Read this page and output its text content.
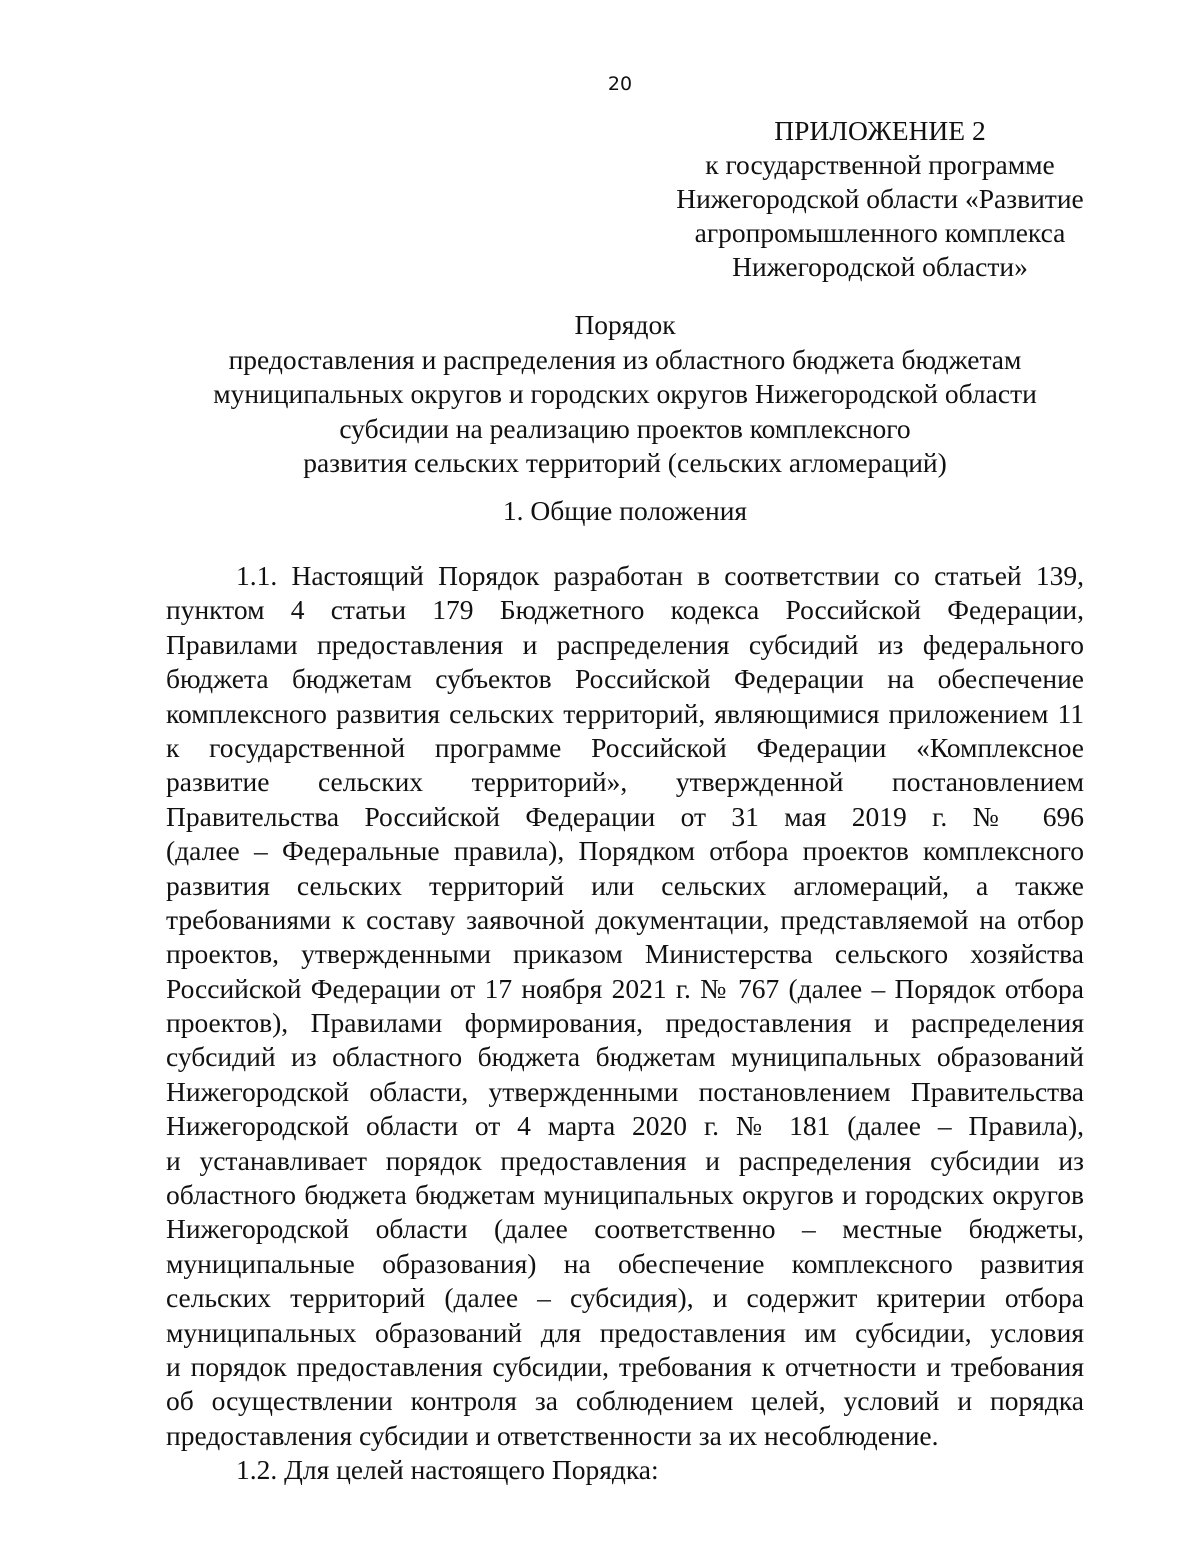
20
ПРИЛОЖЕНИЕ 2
к государственной программе
Нижегородской области «Развитие
агропромышленного комплекса
Нижегородской области»
Порядок
предоставления и распределения из областного бюджета бюджетам
муниципальных округов и городских округов Нижегородской области
субсидии на реализацию проектов комплексного
развития сельских территорий (сельских агломераций)
1. Общие положения
1.1. Настоящий Порядок разработан в соответствии со статьей 139,
пунктом 4 статьи 179 Бюджетного кодекса Российской Федерации,
Правилами предоставления и распределения субсидий из федерального
бюджета бюджетам субъектов Российской Федерации на обеспечение
комплексного развития сельских территорий, являющимися приложением 11
к государственной программе Российской Федерации «Комплексное
развитие сельских территорий», утвержденной постановлением
Правительства Российской Федерации от 31 мая 2019 г. № 696
(далее – Федеральные правила), Порядком отбора проектов комплексного
развития сельских территорий или сельских агломераций, а также
требованиями к составу заявочной документации, представляемой на отбор
проектов, утвержденными приказом Министерства сельского хозяйства
Российской Федерации от 17 ноября 2021 г. № 767 (далее – Порядок отбора
проектов), Правилами формирования, предоставления и распределения
субсидий из областного бюджета бюджетам муниципальных образований
Нижегородской области, утвержденными постановлением Правительства
Нижегородской области от 4 марта 2020 г. № 181 (далее – Правила),
и устанавливает порядок предоставления и распределения субсидии из
областного бюджета бюджетам муниципальных округов и городских округов
Нижегородской области (далее соответственно – местные бюджеты,
муниципальные образования) на обеспечение комплексного развития
сельских территорий (далее – субсидия), и содержит критерии отбора
муниципальных образований для предоставления им субсидии, условия
и порядок предоставления субсидии, требования к отчетности и требования
об осуществлении контроля за соблюдением целей, условий и порядка
предоставления субсидии и ответственности за их несоблюдение.
1.2. Для целей настоящего Порядка:
